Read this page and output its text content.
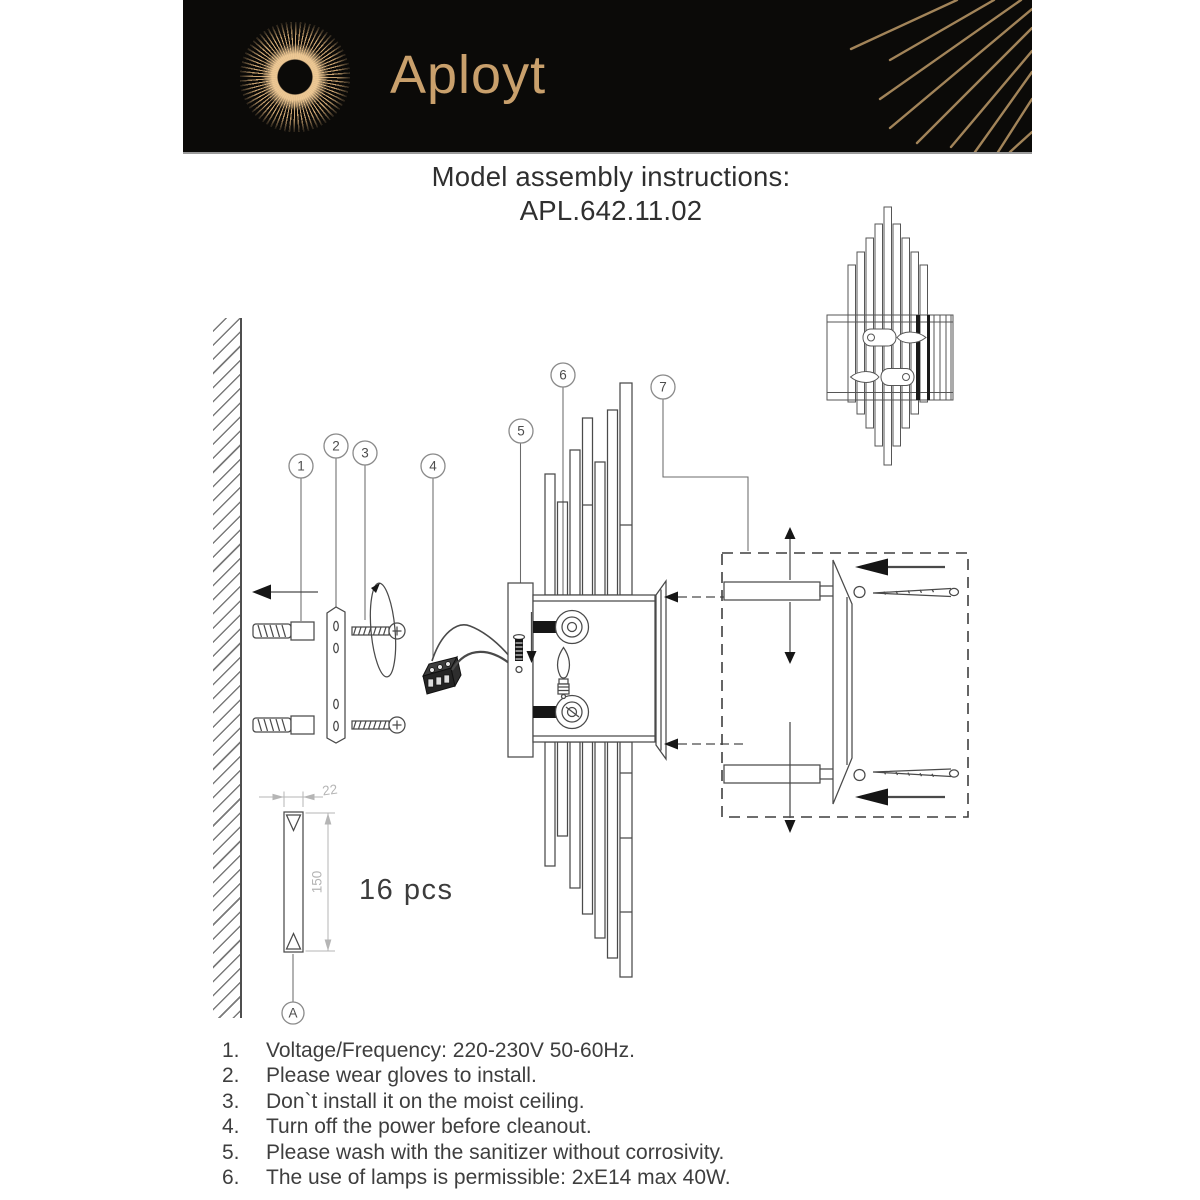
Aployt
Model assembly instructions:
APL.642.11.02
22
150 16 pcs
1
2 3
4
5
6
7
A
1.	Voltage/Frequency: 220-230V 50-60Hz.
2.	Please wear gloves to install.
3.	Don`t install it on the moist ceiling.
4.	Turn off the power before cleanout.
5.	Please wash with the sanitizer without corrosivity.
6.	The use of lamps is permissible: 2xE14 max 40W.
